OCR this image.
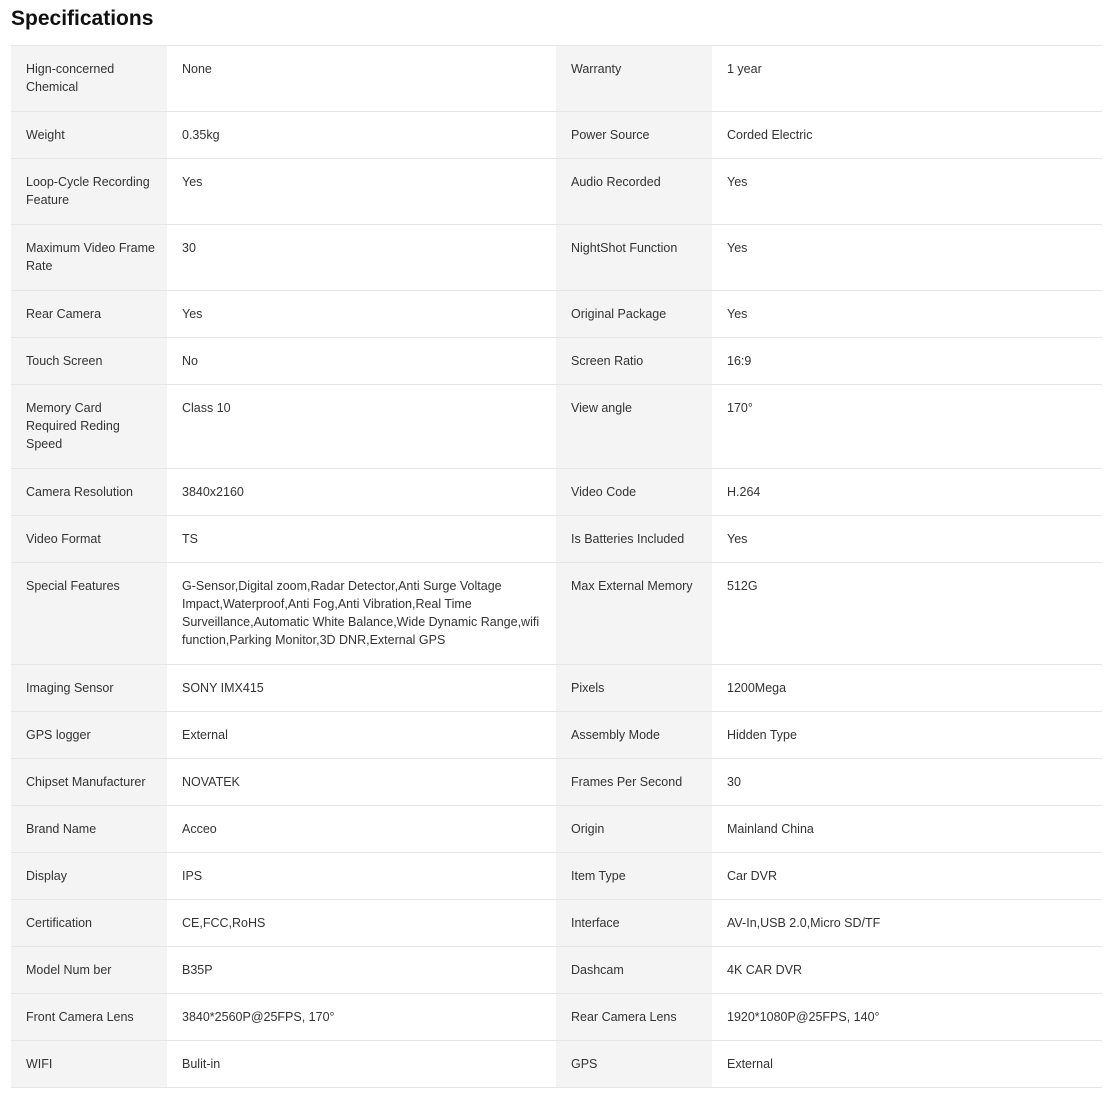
Specifications
Hign-concerned Chemical	None	Warranty	1 year
Weight	0.35kg	Power Source	Corded Electric
Loop-Cycle Recording Feature	Yes	Audio Recorded	Yes
Maximum Video Frame Rate	30	NightShot Function	Yes
Rear Camera	Yes	Original Package	Yes
Touch Screen	No	Screen Ratio	16:9
Memory Card Required Reding Speed	Class 10	View angle	170°
Camera Resolution	3840x2160	Video Code	H.264
Video Format	TS	Is Batteries Included	Yes
Special Features	G-Sensor,Digital zoom,Radar Detector,Anti Surge Voltage Impact,Waterproof,Anti Fog,Anti Vibration,Real Time Surveillance,Automatic White Balance,Wide Dynamic Range,wifi function,Parking Monitor,3D DNR,External GPS	Max External Memory	512G
Imaging Sensor	SONY IMX415	Pixels	1200Mega
GPS logger	External	Assembly Mode	Hidden Type
Chipset Manufacturer	NOVATEK	Frames Per Second	30
Brand Name	Acceo	Origin	Mainland China
Display	IPS	Item Type	Car DVR
Certification	CE,FCC,RoHS	Interface	AV-In,USB 2.0,Micro SD/TF
Model Num ber	B35P	Dashcam	4K CAR DVR
Front Camera Lens	3840*2560P@25FPS, 170°	Rear Camera Lens	1920*1080P@25FPS, 140°
WIFI	Bulit-in	GPS	External
